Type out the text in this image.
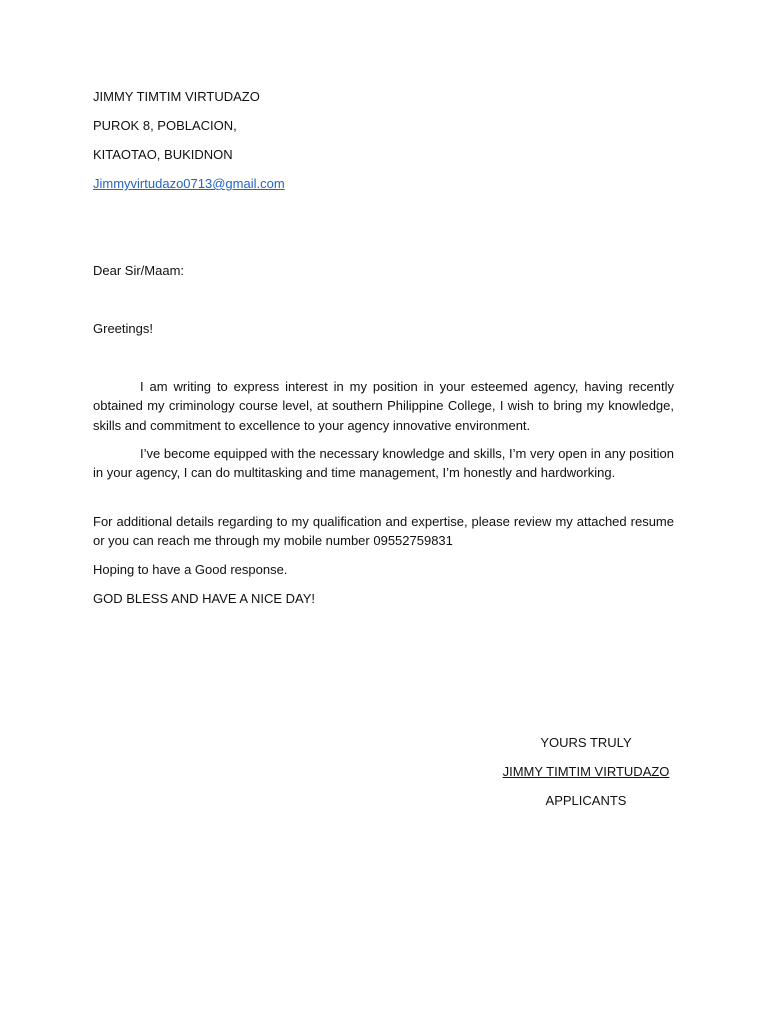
JIMMY TIMTIM VIRTUDAZO
PUROK 8, POBLACION,
KITAOTAO, BUKIDNON
Jimmyvirtudazo0713@gmail.com
Dear Sir/Maam:
Greetings!
I am writing to express interest in my position in your esteemed agency, having recently obtained my criminology course level, at southern Philippine College, I wish to bring my knowledge, skills and commitment to excellence to your agency innovative environment.
I’ve become equipped with the necessary knowledge and skills, I’m very open in any position in your agency, I can do multitasking and time management, I’m honestly and hardworking.
For additional details regarding to my qualification and expertise, please review my attached resume or you can reach me through my mobile number 09552759831
Hoping to have a Good response.
GOD BLESS AND HAVE A NICE DAY!
YOURS TRULY
JIMMY TIMTIM VIRTUDAZO
APPLICANTS
